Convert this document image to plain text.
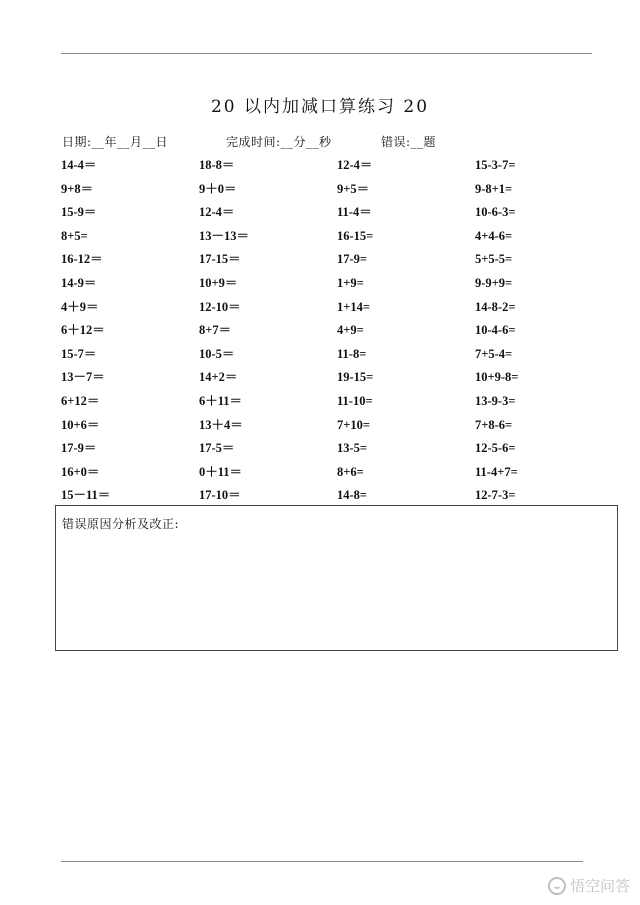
20 以内加减口算练习 20
日期:__年__月__日	完成时间:__分__秒	错误:__题
14-4＝	18-8＝	12-4＝	15-3-7=
9+8＝	9＋0＝	9+5＝	9-8+1=
15-9＝	12-4＝	11-4＝	10-6-3=
8+5=	13－13＝	16-15=	4+4-6=
16-12＝	17-15＝	17-9=	5+5-5=
14-9＝	10+9＝	1+9=	9-9+9=
4＋9＝	12-10＝	1+14=	14-8-2=
6＋12＝	8+7＝	4+9=	10-4-6=
15-7＝	10-5＝	11-8=	7+5-4=
13－7＝	14+2＝	19-15=	10+9-8=
6+12＝	6＋11＝	11-10=	13-9-3=
10+6＝	13＋4＝	7+10=	7+8-6=
17-9＝	17-5＝	13-5=	12-5-6=
16+0＝	0＋11＝	8+6=	11-4+7=
15－11＝	17-10＝	14-8=	12-7-3=
错误原因分析及改正:
悟空问答
